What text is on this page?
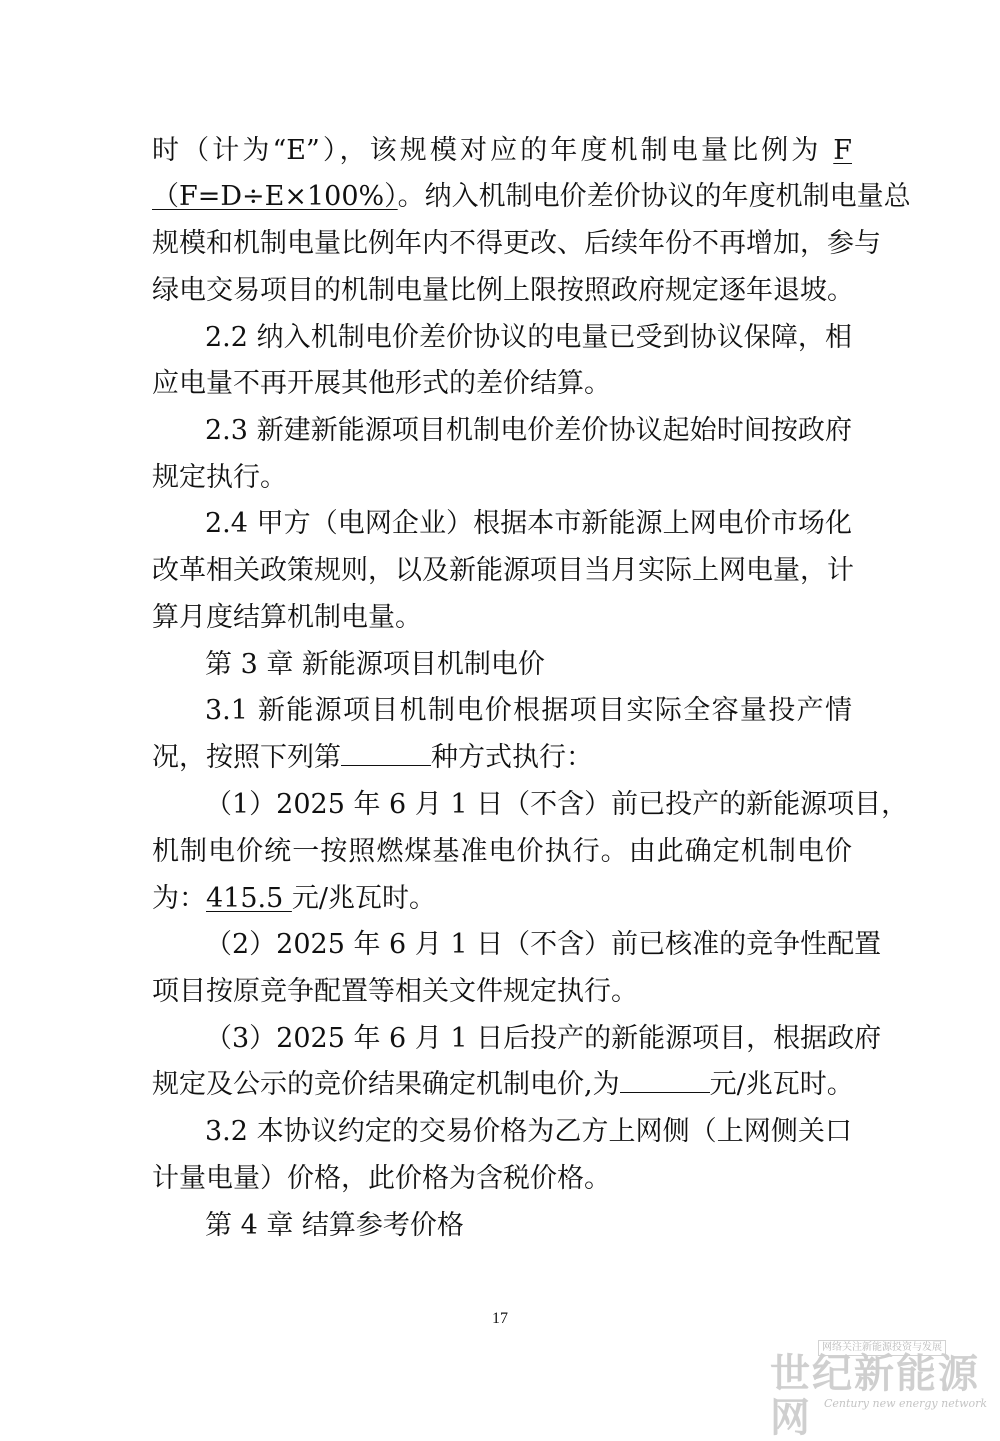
时（计为“E”），该规模对应的年度机制电量比例为 F
（F=D÷E×100%）。纳入机制电价差价协议的年度机制电量总
规模和机制电量比例年内不得更改、后续年份不再增加，参与
绿电交易项目的机制电量比例上限按照政府规定逐年退坡。
2.2 纳入机制电价差价协议的电量已受到协议保障，相
应电量不再开展其他形式的差价结算。
2.3 新建新能源项目机制电价差价协议起始时间按政府
规定执行。
2.4 甲方（电网企业）根据本市新能源上网电价市场化
改革相关政策规则，以及新能源项目当月实际上网电量，计
算月度结算机制电量。
第 3 章 新能源项目机制电价
3.1 新能源项目机制电价根据项目实际全容量投产情
况，按照下列第	种方式执行：
（1）2025 年 6 月 1 日（不含）前已投产的新能源项目，
机制电价统一按照燃煤基准电价执行。由此确定机制电价
为：415.5 元/兆瓦时。
（2）2025 年 6 月 1 日（不含）前已核准的竞争性配置
项目按原竞争配置等相关文件规定执行。
（3）2025 年 6 月 1 日后投产的新能源项目，根据政府
规定及公示的竞价结果确定机制电价,为	元/兆瓦时。
3.2 本协议约定的交易价格为乙方上网侧（上网侧关口
计量电量）价格，此价格为含税价格。
第 4 章 结算参考价格
17
网络关注新能源投资与发展
世纪新能源网	Century new energy network
